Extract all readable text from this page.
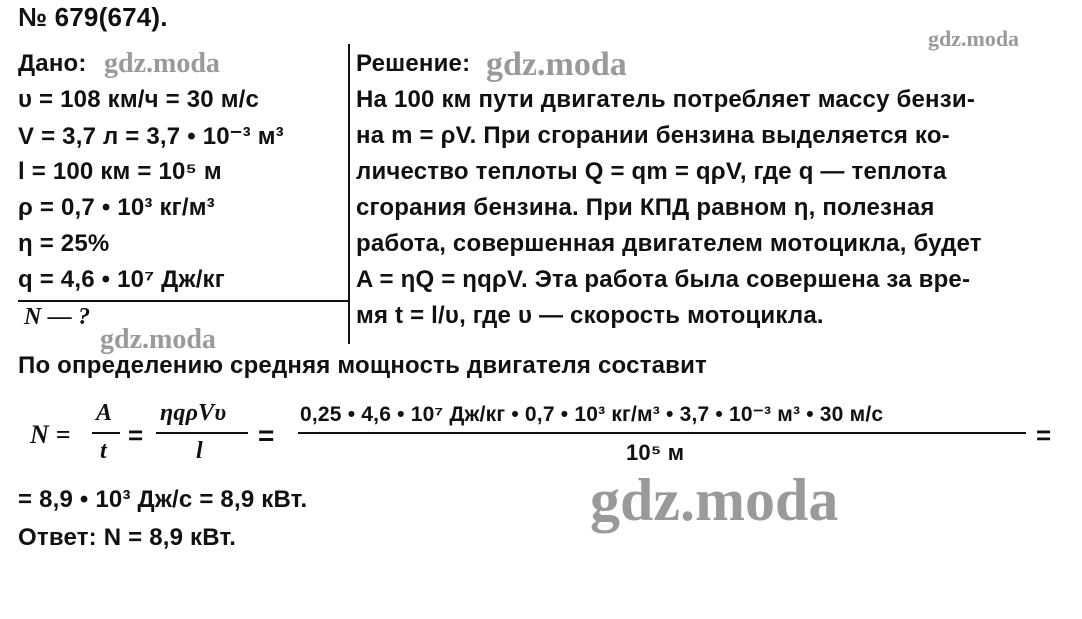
№ 679(674).
gdz.moda
Дано: gdz.moda
υ = 108 км/ч = 30 м/с
V = 3,7 л = 3,7 • 10⁻³ м³
l = 100 км = 10⁵ м
ρ = 0,7 • 10³ кг/м³
η = 25%
q = 4,6 • 10⁷ Дж/кг
N — ?
gdz.moda
Решение: gdz.moda
На 100 км пути двигатель потребляет массу бензи-
на m = ρV. При сгорании бензина выделяется ко-
личество теплоты Q = qm = qρV, где q — теплота
сгорания бензина. При КПД равном η, полезная
работа, совершенная двигателем мотоцикла, будет
A = ηQ = ηqρV. Эта работа была совершена за вре-
мя t = l/υ, где υ — скорость мотоцикла.
По определению средняя мощность двигателя составит
N =
A
t
=
ηqρVυ
l =
0,25 • 4,6 • 10⁷ Дж/кг • 0,7 • 10³ кг/м³ • 3,7 • 10⁻³ м³ • 30 м/с
10⁵ м
=
= 8,9 • 10³ Дж/с = 8,9 кВт.	gdz.moda
Ответ: N = 8,9 кВт.
